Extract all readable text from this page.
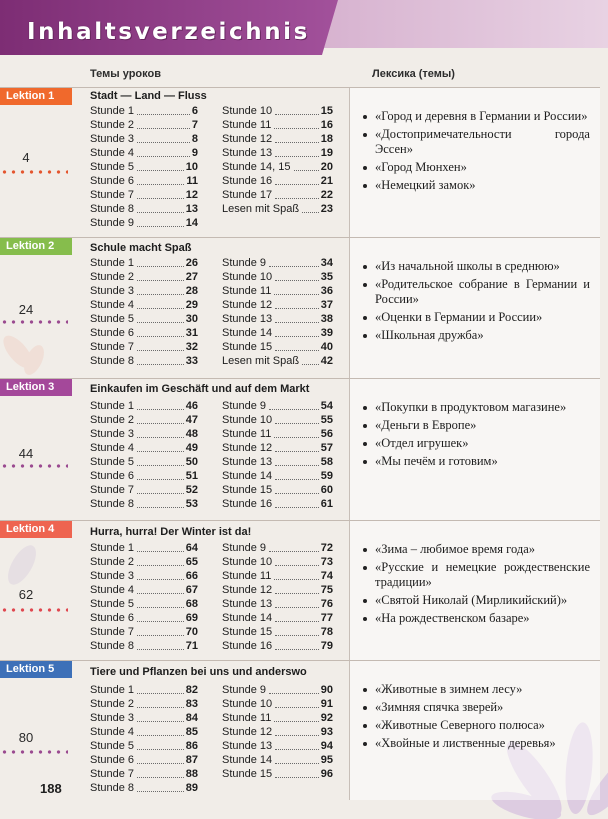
Inhaltsverzeichnis
Темы уроков	Лексика (темы)
Lektion 1
4
Stadt — Land — Fluss
Stunde 1	6
Stunde 2	7
Stunde 3	8
Stunde 4	9
Stunde 5	10
Stunde 6	11
Stunde 7	12
Stunde 8	13
Stunde 9	14
Stunde 10	15
Stunde 11	16
Stunde 12	18
Stunde 13	19
Stunde 14, 15	20
Stunde 16	21
Stunde 17	22
Lesen mit Spaß 23
«Город и деревня в Германии и России»
«Достопримечательности города Эссен»
«Город Мюнхен»
«Немецкий замок»
Lektion 2
24
Schule macht Spaß
Stunde 1	26
Stunde 2	27
Stunde 3	28
Stunde 4	29
Stunde 5	30
Stunde 6	31
Stunde 7	32
Stunde 8	33
Stunde 9	34
Stunde 10	35
Stunde 11	36
Stunde 12	37
Stunde 13	38
Stunde 14	39
Stunde 15	40
Lesen mit Spaß 42
«Из начальной школы в среднюю»
«Родительское собрание в Германии и России»
«Оценки в Германии и России»
«Школьная дружба»
Lektion 3
44
Einkaufen im Geschäft und auf dem Markt
Stunde 1	46
Stunde 2	47
Stunde 3	48
Stunde 4	49
Stunde 5	50
Stunde 6	51
Stunde 7	52
Stunde 8	53
Stunde 9	54
Stunde 10	55
Stunde 11	56
Stunde 12	57
Stunde 13	58
Stunde 14	59
Stunde 15	60
Stunde 16	61
«Покупки в продуктовом магазине»
«Деньги в Европе»
«Отдел игрушек»
«Мы печём и готовим»
Lektion 4
62
Hurra, hurra! Der Winter ist da!
Stunde 1	64
Stunde 2	65
Stunde 3	66
Stunde 4	67
Stunde 5	68
Stunde 6	69
Stunde 7	70
Stunde 8	71
Stunde 9	72
Stunde 10	73
Stunde 11	74
Stunde 12	75
Stunde 13	76
Stunde 14	77
Stunde 15	78
Stunde 16	79
«Зима – любимое время года»
«Русские и немецкие рождественские традиции»
«Святой Николай (Мирликийский)»
«На рождественском базаре»
Lektion 5
80
Tiere und Pflanzen bei uns und anderswo
Stunde 1	82
Stunde 2	83
Stunde 3	84
Stunde 4	85
Stunde 5	86
Stunde 6	87
Stunde 7	88
Stunde 8	89
Stunde 9	90
Stunde 10	91
Stunde 11	92
Stunde 12	93
Stunde 13	94
Stunde 14	95
Stunde 15	96
«Животные в зимнем лесу»
«Зимняя спячка зверей»
«Животные Северного полюса»
«Хвойные и лиственные деревья»
188
